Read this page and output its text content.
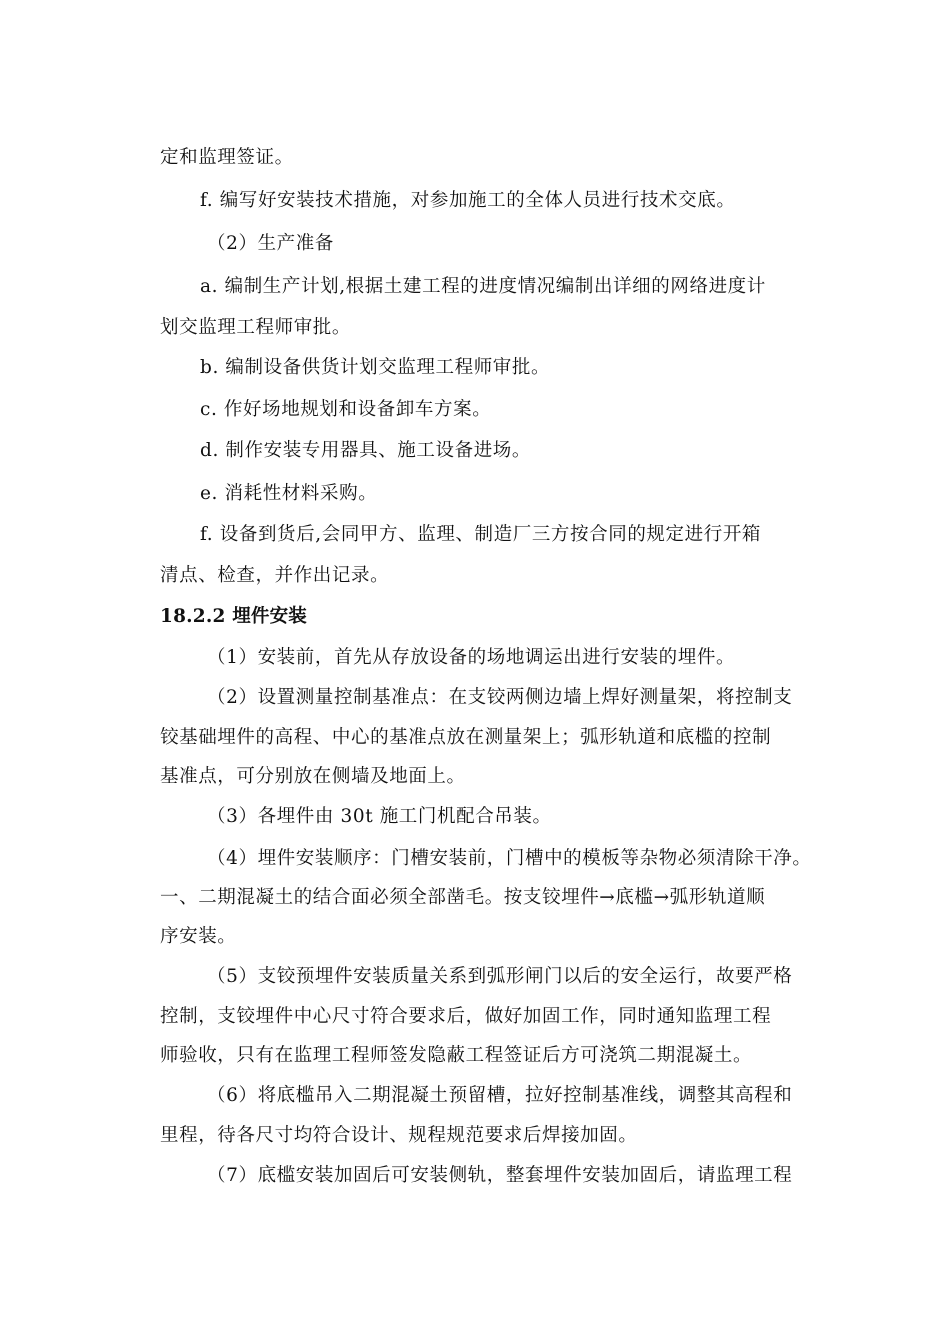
定和监理签证。
f. 编写好安装技术措施，对参加施工的全体人员进行技术交底。
（2）生产准备
a. 编制生产计划,根据土建工程的进度情况编制出详细的网络进度计
划交监理工程师审批。
b. 编制设备供货计划交监理工程师审批。
c. 作好场地规划和设备卸车方案。
d. 制作安装专用器具、施工设备进场。
e. 消耗性材料采购。
f. 设备到货后,会同甲方、监理、制造厂三方按合同的规定进行开箱
清点、检查，并作出记录。
18.2.2 埋件安装
（1）安装前，首先从存放设备的场地调运出进行安装的埋件。
（2）设置测量控制基准点：在支铰两侧边墙上焊好测量架，将控制支
铰基础埋件的高程、中心的基准点放在测量架上；弧形轨道和底槛的控制
基准点，可分别放在侧墙及地面上。
（3）各埋件由 30t 施工门机配合吊装。
（4）埋件安装顺序：门槽安装前，门槽中的模板等杂物必须清除干净。
一、二期混凝土的结合面必须全部凿毛。按支铰埋件→底槛→弧形轨道顺
序安装。
（5）支铰预埋件安装质量关系到弧形闸门以后的安全运行，故要严格
控制，支铰埋件中心尺寸符合要求后，做好加固工作，同时通知监理工程
师验收，只有在监理工程师签发隐蔽工程签证后方可浇筑二期混凝土。
（6）将底槛吊入二期混凝土预留槽，拉好控制基准线，调整其高程和
里程，待各尺寸均符合设计、规程规范要求后焊接加固。
（7）底槛安装加固后可安装侧轨，整套埋件安装加固后，请监理工程
